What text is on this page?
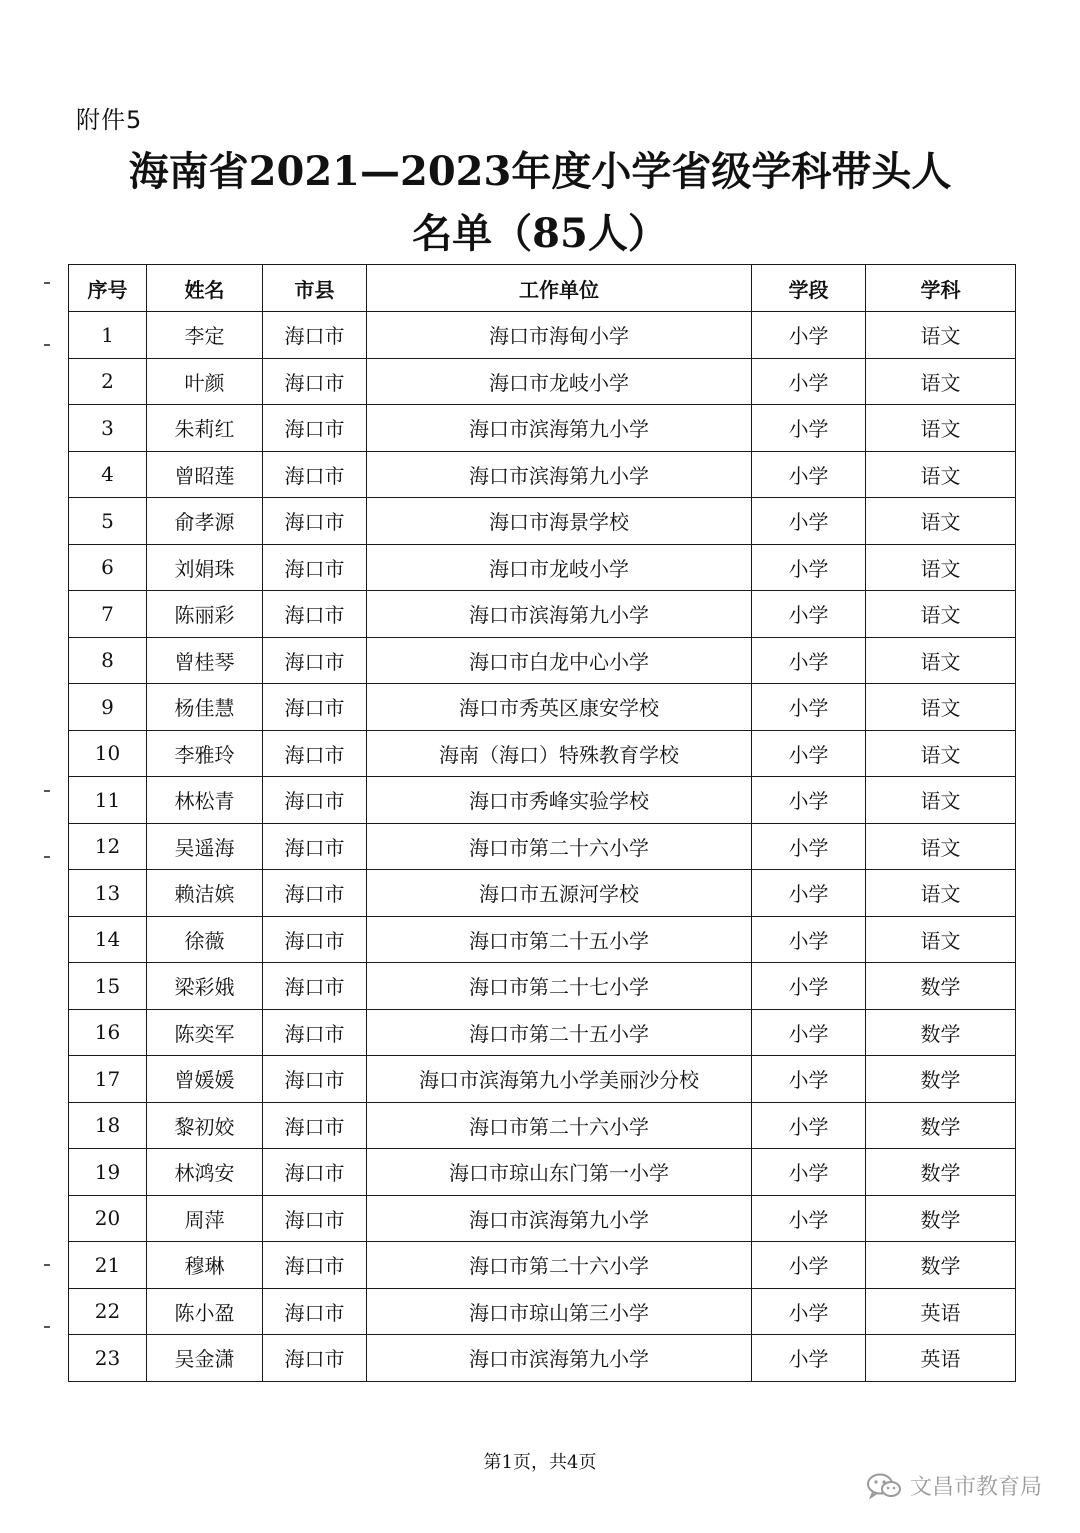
附件5
海南省2021—2023年度小学省级学科带头人
名单（85人）
序号	姓名	市县	工作单位	学段	学科
1	李定	海口市	海口市海甸小学	小学	语文
2	叶颜	海口市	海口市龙岐小学	小学	语文
3	朱莉红	海口市	海口市滨海第九小学	小学	语文
4	曾昭莲	海口市	海口市滨海第九小学	小学	语文
5	俞孝源	海口市	海口市海景学校	小学	语文
6	刘娟珠	海口市	海口市龙岐小学	小学	语文
7	陈丽彩	海口市	海口市滨海第九小学	小学	语文
8	曾桂琴	海口市	海口市白龙中心小学	小学	语文
9	杨佳慧	海口市	海口市秀英区康安学校	小学	语文
10	李雅玲	海口市	海南（海口）特殊教育学校	小学	语文
11	林松青	海口市	海口市秀峰实验学校	小学	语文
12	吴遥海	海口市	海口市第二十六小学	小学	语文
13	赖洁嫔	海口市	海口市五源河学校	小学	语文
14	徐薇	海口市	海口市第二十五小学	小学	语文
15	梁彩娥	海口市	海口市第二十七小学	小学	数学
16	陈奕军	海口市	海口市第二十五小学	小学	数学
17	曾媛媛	海口市	海口市滨海第九小学美丽沙分校	小学	数学
18	黎初姣	海口市	海口市第二十六小学	小学	数学
19	林鸿安	海口市	海口市琼山东门第一小学	小学	数学
20	周萍	海口市	海口市滨海第九小学	小学	数学
21	穆琳	海口市	海口市第二十六小学	小学	数学
22	陈小盈	海口市	海口市琼山第三小学	小学	英语
23	吴金潇	海口市	海口市滨海第九小学	小学	英语
第1页，共4页
文昌市教育局
